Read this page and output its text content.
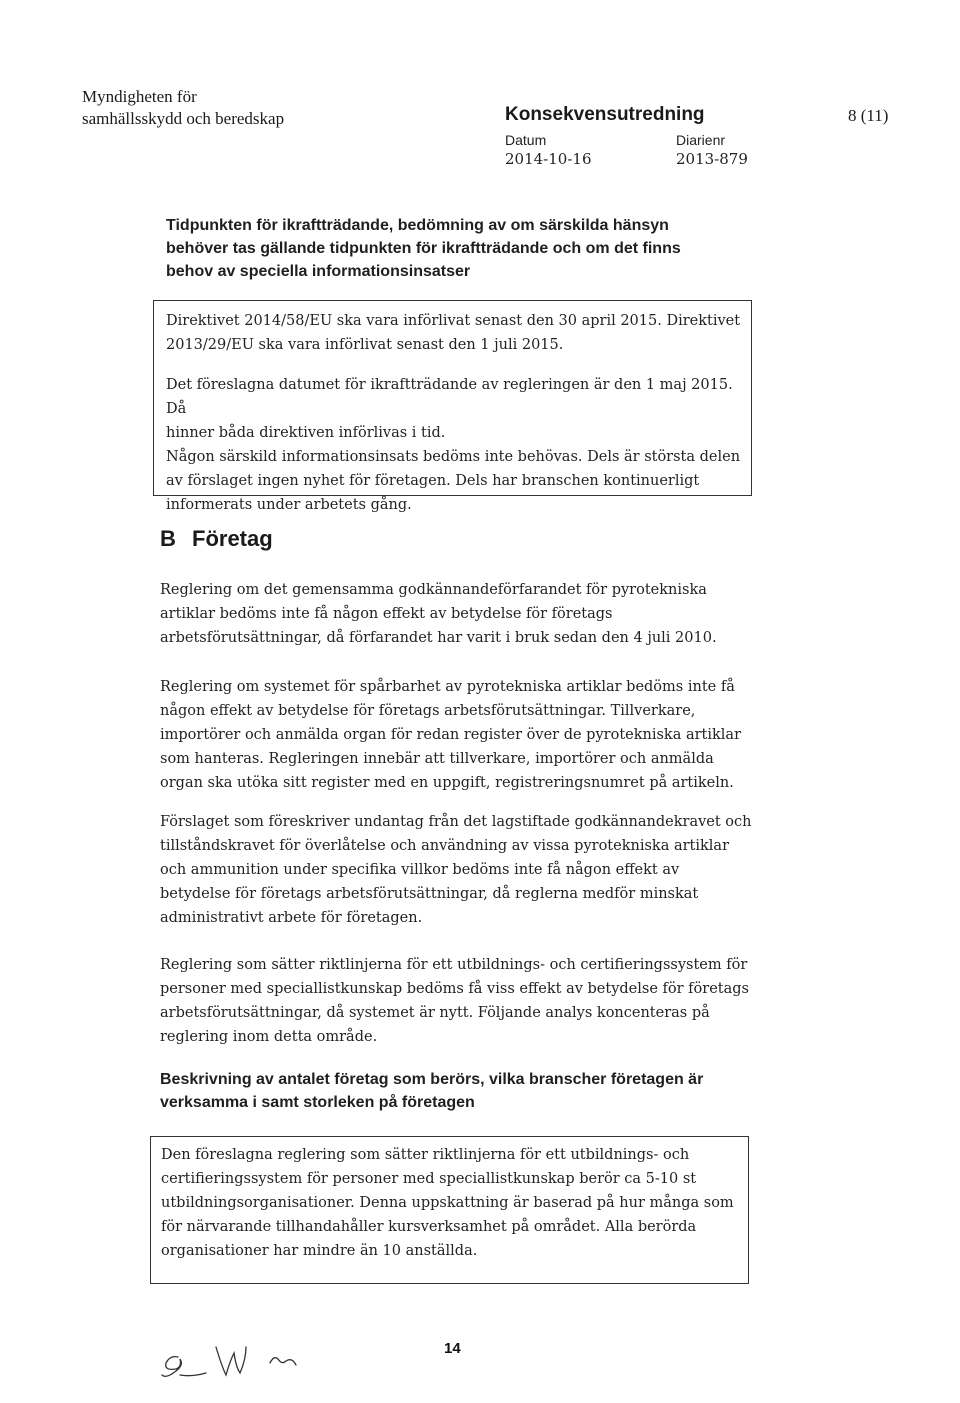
Myndigheten för
samhällsskydd och beredskap	Konsekvensutredning	8 (11)
Datum	Diarienr
2014-10-16	2013-879
Tidpunkten för ikraftträdande, bedömning av om särskilda hänsyn
behöver tas gällande tidpunkten för ikraftträdande och om det finns
behov av speciella informationsinsatser

Direktivet 2014/58/EU ska vara införlivat senast den 30 april 2015. Direktivet
2013/29/EU ska vara införlivat senast den 1 juli 2015.

Det föreslagna datumet för ikraftträdande av regleringen är den 1 maj 2015. Då
hinner båda direktiven införlivas i tid.
Någon särskild informationsinsats bedöms inte behövas. Dels är största delen
av förslaget ingen nyhet för företagen. Dels har branschen kontinuerligt
informerats under arbetets gång.

B Företag
Reglering om det gemensamma godkännandeförfarandet för pyrotekniska
artiklar bedöms inte få någon effekt av betydelse för företags
arbetsförutsättningar, då förfarandet har varit i bruk sedan den 4 juli 2010.
Reglering om systemet för spårbarhet av pyrotekniska artiklar bedöms inte få
någon effekt av betydelse för företags arbetsförutsättningar. Tillverkare,
importörer och anmälda organ för redan register över de pyrotekniska artiklar
som hanteras. Regleringen innebär att tillverkare, importörer och anmälda
organ ska utöka sitt register med en uppgift, registreringsnumret på artikeln.
Förslaget som föreskriver undantag från det lagstiftade godkännandekravet och
tillståndskravet för överlåtelse och användning av vissa pyrotekniska artiklar
och ammunition under specifika villkor bedöms inte få någon effekt av
betydelse för företags arbetsförutsättningar, då reglerna medför minskat
administrativt arbete för företagen.
Reglering som sätter riktlinjerna för ett utbildnings- och certifieringssystem för
personer med speciallistkunskap bedöms få viss effekt av betydelse för företags
arbetsförutsättningar, då systemet är nytt. Följande analys koncenteras på
reglering inom detta område.
Beskrivning av antalet företag som berörs, vilka branscher företagen är
verksamma i samt storleken på företagen
Den föreslagna reglering som sätter riktlinjerna för ett utbildnings- och
certifieringssystem för personer med speciallistkunskap berör ca 5-10 st
utbildningsorganisationer. Denna uppskattning är baserad på hur många som
för närvarande tillhandahåller kursverksamhet på området. Alla berörda
organisationer har mindre än 10 anställda.
14
